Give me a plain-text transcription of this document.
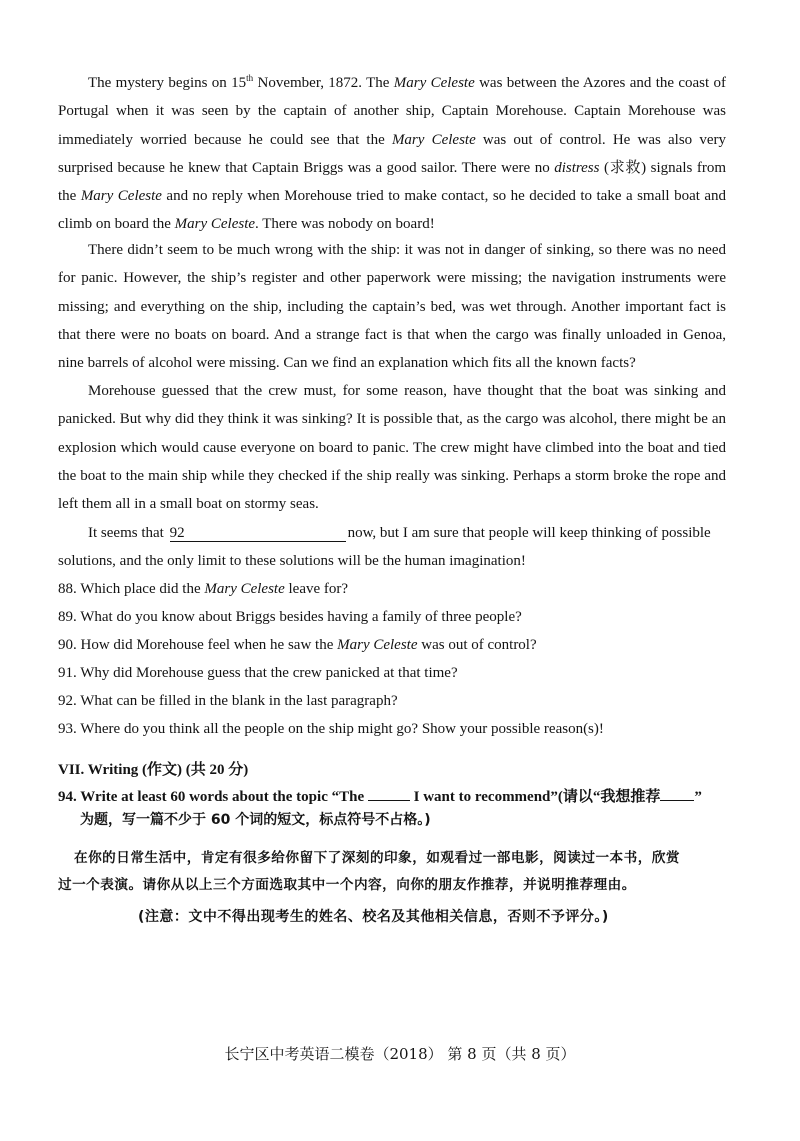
The mystery begins on 15th November, 1872. The Mary Celeste was between the Azores and the coast of
Portugal when it was seen by the captain of another ship, Captain Morehouse. Captain Morehouse was
immediately worried because he could see that the Mary Celeste was out of control. He was also very
surprised because he knew that Captain Briggs was a good sailor. There were no distress (求救) signals from
the Mary Celeste and no reply when Morehouse tried to make contact, so he decided to take a small boat and
climb on board the Mary Celeste. There was nobody on board!
There didn’t seem to be much wrong with the ship: it was not in danger of sinking, so there was no need
for panic. However, the ship’s register and other paperwork were missing; the navigation instruments were
missing; and everything on the ship, including the captain’s bed, was wet through. Another important fact is
that there were no boats on board. And a strange fact is that when the cargo was finally unloaded in Genoa,
nine barrels of alcohol were missing. Can we find an explanation which fits all the known facts?
Morehouse guessed that the crew must, for some reason, have thought that the boat was sinking and
panicked. But why did they think it was sinking? It is possible that, as the cargo was alcohol, there might be an
explosion which would cause everyone on board to panic. The crew might have climbed into the boat and tied
the boat to the main ship while they checked if the ship really was sinking. Perhaps a storm broke the rope and
left them all in a small boat on stormy seas.
It seems that 92	now, but I am sure that people will keep thinking of possible
solutions, and the only limit to these solutions will be the human imagination!

88. Which place did the Mary Celeste leave for?

89. What do you know about Briggs besides having a family of three people?

90. How did Morehouse feel when he saw the Mary Celeste was out of control?

91. Why did Morehouse guess that the crew panicked at that time?

92. What can be filled in the blank in the last paragraph?

93. Where do you think all the people on the ship might go? Show your possible reason(s)!

VII. Writing (作文) (共 20 分)

94. Write at least 60 words about the topic “The	I want to recommend”(请以“我想推荐 ”

为题，写一篇不少于 60 个词的短文，标点符号不占格。)

在你的日常生活中，肯定有很多给你留下了深刻的印象，如观看过一部电影，阅读过一本书，欣赏

过一个表演。请你从以上三个方面选取其中一个内容，向你的朋友作推荐，并说明推荐理由。

(注意：文中不得出现考生的姓名、校名及其他相关信息，否则不予评分。)

长宁区中考英语二模卷（2018） 第 8 页（共 8 页）
